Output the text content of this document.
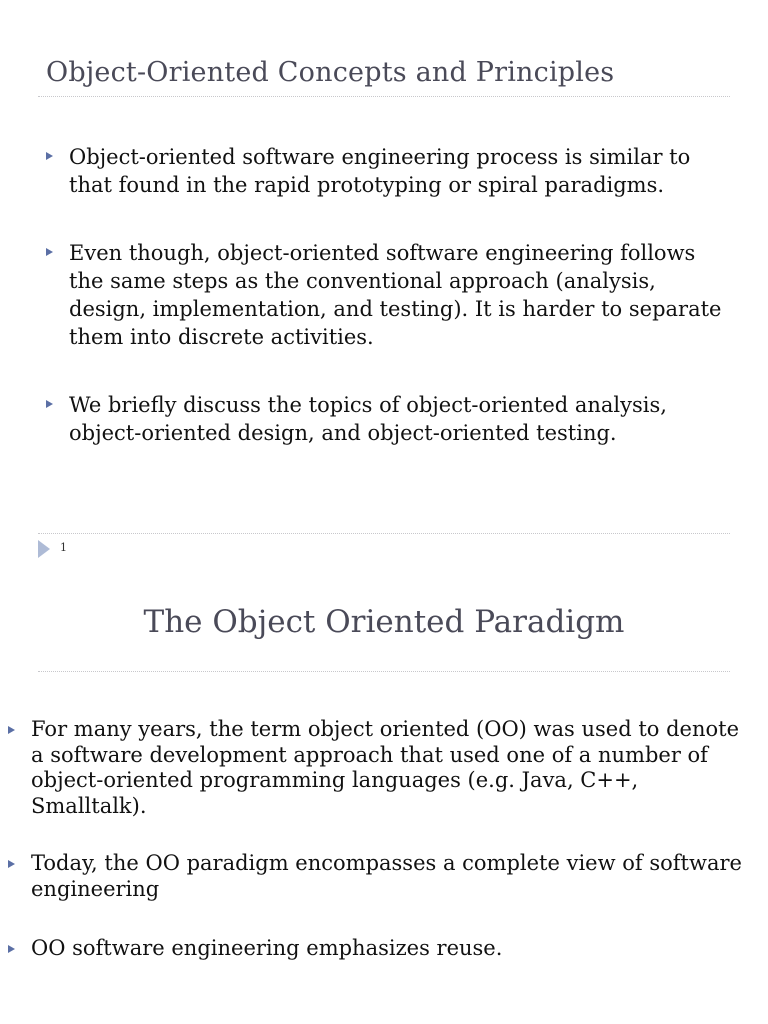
Object-Oriented Concepts and Principles
Object-oriented software engineering process is similar to that found in the rapid prototyping or spiral paradigms.
Even though, object-oriented software engineering follows the same steps as the conventional approach (analysis, design, implementation, and testing). It is harder to separate them into discrete activities.
We briefly discuss the topics of object-oriented analysis, object-oriented design, and object-oriented testing.
1
The Object Oriented Paradigm
For many years, the term object oriented (OO) was used to denote a software development approach that used one of a number of object-oriented programming languages (e.g. Java, C++, Smalltalk).
Today, the OO paradigm encompasses a complete view of software engineering
OO software engineering emphasizes reuse.
